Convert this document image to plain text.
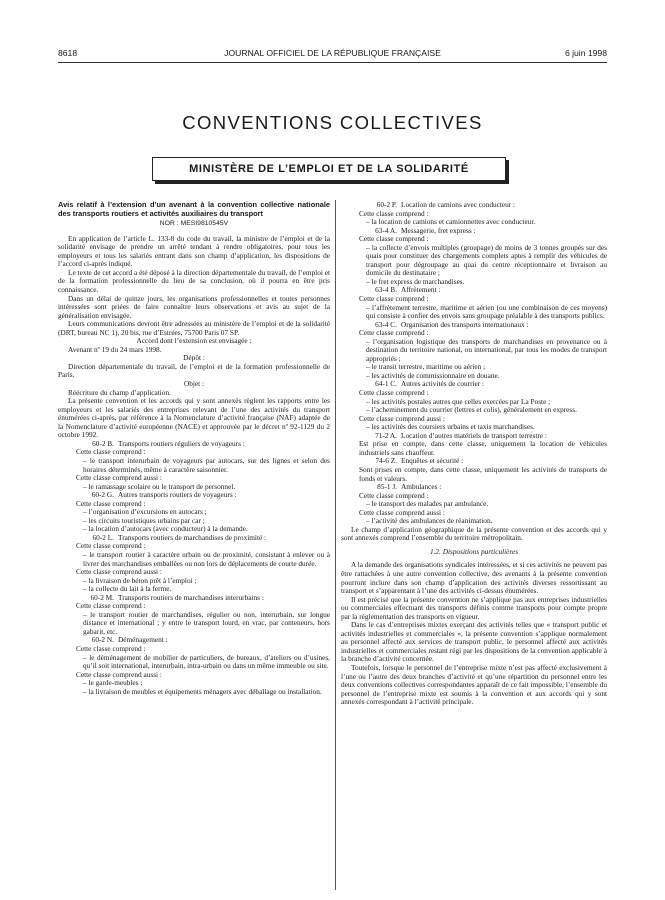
8618	JOURNAL OFFICIEL DE LA RÉPUBLIQUE FRANÇAISE	6 juin 1998
CONVENTIONS COLLECTIVES
MINISTÈRE DE L’EMPLOI ET DE LA SOLIDARITÉ

Avis relatif à l’extension d’un avenant à la convention collective nationale des transports routiers et activités auxiliaires du transport

NOR : MESI9810545V

En application de l’article L. 133-8 du code du travail, la ministre de l’emploi et de la solidarité envisage de prendre un arrêté tendant à rendre obligatoires, pour tous les employeurs et tous les salariés entrant dans son champ d’application, les dispositions de l’accord ci-après indiqué.

Le texte de cet accord a été déposé à la direction départementale du travail, de l’emploi et de la formation professionnelle du lieu de sa conclusion, où il pourra en être pris connaissance.

Dans un délai de quinze jours, les organisations professionnelles et toutes personnes intéressées sont priées de faire connaître leurs observations et avis au sujet de la généralisation envisagée.

Leurs communications devront être adressées au ministère de l’emploi et de la solidarité (DRT, bureau NC 1), 20 bis, rue d’Estrées, 75700 Paris 07 SP.

Accord dont l’extension est envisagée :

Avenant nº 19 du 24 mars 1998.

Dépôt :

Direction départementale du travail, de l’emploi et de la formation professionnelle de Paris.

Objet :

Réécriture du champ d’application.

La présente convention et les accords qui y sont annexés règlent les rapports entre les employeurs et les salariés des entreprises relevant de l’une des activités du transport énumérées ci-après, par référence à la Nomenclature d’activité française (NAF) adaptée de la Nomenclature d’activité européenne (NACE) et approuvée par le décret nº 92-1129 du 2 octobre 1992.

60-2 B. Transports routiers réguliers de voyageurs :

Cette classe comprend :

– le transport interurbain de voyageurs par autocars, sur des lignes et selon des horaires déterminés, même à caractère saisonnier.

Cette classe comprend aussi :

– le ramassage scolaire ou le transport de personnel.

60-2 G. Autres transports routiers de voyageurs :

Cette classe comprend :

– l’organisation d’excursions en autocars ;

– les circuits touristiques urbains par car ;

– la location d’autocars (avec conducteur) à la demande.

60-2 L. Transports routiers de marchandises de proximité :

Cette classe comprend :

– le transport routier à caractère urbain ou de proximité, consistant à enlever ou à livrer des marchandises emballées ou non lors de déplacements de courte durée.

Cette classe comprend aussi :

– la livraison de béton prêt à l’emploi ;

– la collecte du lait à la ferme.

60-2 M. Transports routiers de marchandises interurbains :

Cette classe comprend :

– le transport routier de marchandises, régulier ou non, interurbain, sur longue distance et international ; y entre le transport lourd, en vrac, par conteneurs, hors gabarit, etc.

60-2 N. Déménagement :

Cette classe comprend :

– le déménagement de mobilier de particuliers, de bureaux, d’ateliers ou d’usines, qu’il soit international, interurbain, intra-urbain ou dans un même immeuble ou site.

Cette classe comprend aussi :

– le garde-meubles ;

– la livraison de meubles et équipements ménagers avec déballage ou installation.

60-2 P. Location de camions avec conducteur :

Cette classe comprend :

– la location de camions et camionnettes avec conducteur.

63-4 A. Messagerie, fret express :

Cette classe comprend :

– la collecte d’envois multiples (groupage) de moins de 3 tonnes groupés sur des quais pour constituer des chargements complets aptes à remplir des véhicules de transport pour dégroupage au quai du centre réceptionnaire et livraison au domicile du destinataire ;

– le fret express de marchandises.

63-4 B. Affrètement :

Cette classe comprend :

– l’affrètement terrestre, maritime et aérien (ou une combinaison de ces moyens) qui consiste à confier des envois sans groupage préalable à des transports publics.

63-4 C. Organisation des transports internationaux :

Cette classe comprend :

– l’organisation logistique des transports de marchandises en provenance ou à destination du territoire national, ou international, par tous les modes de transport appropriés ;

– le transit terrestre, maritime ou aérien ;

– les activités de commissionnaire en douane.

64-1 C. Autres activités de courrier :

Cette classe comprend :

– les activités postales autres que celles exercées par La Poste ;

– l’acheminement du courrier (lettres et colis), généralement en express.

Cette classe comprend aussi :

– les activités des coursiers urbains et taxis marchandises.

71-2 A. Location d’autres matériels de transport terrestre :

Est prise en compte, dans cette classe, uniquement la location de véhicules industriels sans chauffeur.

74-6 Z. Enquêtes et sécurité :

Sont prises en compte, dans cette classe, uniquement les activités de transports de fonds et valeurs.

85-1 J. Ambulances :

Cette classe comprend :

– le transport des malades par ambulance.

Cette classe comprend aussi :

– l’activité des ambulances de réanimation.

Le champ d’application géographique de la présente convention et des accords qui y sont annexés comprend l’ensemble du territoire métropolitain.

1.2. Dispositions particulières

A la demande des organisations syndicales intéressées, et si ces activités ne peuvent pas être rattachées à une autre convention collective, des avenants à la présente convention pourront inclure dans son champ d’application des activités diverses ressortissant au transport et s’apparentant à l’une des activités ci-dessus énumérées.

Il est précisé que la présente convention ne s’applique pas aux entreprises industrielles ou commerciales effectuant des transports définis comme transports pour compte propre par la réglementation des transports en vigueur.

Dans le cas d’entreprises mixtes exerçant des activités telles que « transport public et activités industrielles et commerciales », la présente convention s’applique normalement au personnel affecté aux services de transport public, le personnel affecté aux activités industrielles et commerciales restant régi par les dispositions de la convention applicable à la branche d’activité concernée.

Toutefois, lorsque le personnel de l’entreprise mixte n’est pas affecté exclusivement à l’une ou l’autre des deux branches d’activité et qu’une répartition du personnel entre les deux conventions collectives correspondantes apparaît de ce fait impossible, l’ensemble du personnel de l’entreprise mixte est soumis à la convention et aux accords qui y sont annexés correspondant à l’activité principale.
